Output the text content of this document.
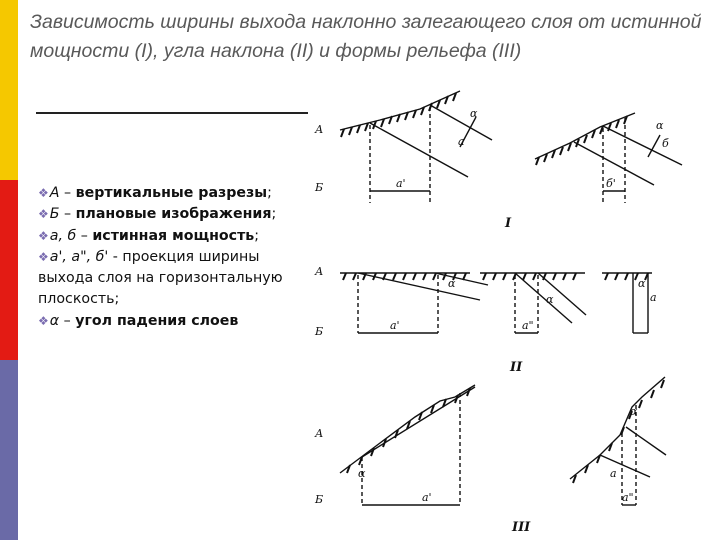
Зависимость ширины выхода наклонно залегающего слоя от истинной мощности (I), угла наклона (II) и формы рельефа (III)

❖А – вертикальные разрезы;

❖Б – плановые изображения;

❖а, б – истинная мощность;

❖а', а", б' - проекция ширины выхода слоя на горизонтальную плоскость;

❖α – угол падения слоев

А
Б
α
а
а'
α
б
б'
I
А
Б
α
а'
α
а"
α
а
II
А
Б
α
а'
α
а
а"
III
